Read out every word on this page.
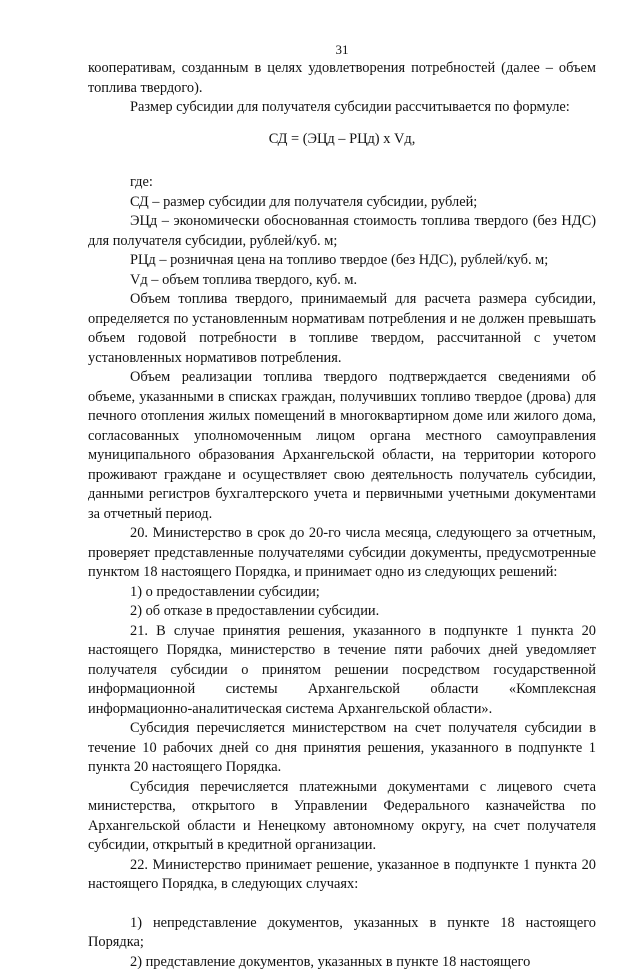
31

кооперативам, созданным в целях удовлетворения потребностей (далее – объем топлива твердого).

Размер субсидии для получателя субсидии рассчитывается по формуле:

СД = (ЭЦд – РЦд) х Vд,

где:

СД – размер субсидии для получателя субсидии, рублей;

ЭЦд – экономически обоснованная стоимость топлива твердого (без НДС) для получателя субсидии, рублей/куб. м;

РЦд – розничная цена на топливо твердое (без НДС), рублей/куб. м;

Vд – объем топлива твердого, куб. м.

Объем топлива твердого, принимаемый для расчета размера субсидии, определяется по установленным нормативам потребления и не должен превышать объем годовой потребности в топливе твердом, рассчитанной с учетом установленных нормативов потребления.

Объем реализации топлива твердого подтверждается сведениями об объеме, указанными в списках граждан, получивших топливо твердое (дрова) для печного отопления жилых помещений в многоквартирном доме или жилого дома, согласованных уполномоченным лицом органа местного самоуправления муниципального образования Архангельской области, на территории которого проживают граждане и осуществляет свою деятельность получатель субсидии, данными регистров бухгалтерского учета и первичными учетными документами за отчетный период.

20. Министерство в срок до 20-го числа месяца, следующего за отчетным, проверяет представленные получателями субсидии документы, предусмотренные пунктом 18 настоящего Порядка, и принимает одно из следующих решений:

1) о предоставлении субсидии;

2) об отказе в предоставлении субсидии.

21. В случае принятия решения, указанного в подпункте 1 пункта 20 настоящего Порядка, министерство в течение пяти рабочих дней уведомляет получателя субсидии о принятом решении посредством государственной информационной системы Архангельской области «Комплексная информационно-аналитическая система Архангельской области».

Субсидия перечисляется министерством на счет получателя субсидии в течение 10 рабочих дней со дня принятия решения, указанного в подпункте 1 пункта 20 настоящего Порядка.

Субсидия перечисляется платежными документами с лицевого счета министерства, открытого в Управлении Федерального казначейства по Архангельской области и Ненецкому автономному округу, на счет получателя субсидии, открытый в кредитной организации.

22. Министерство принимает решение, указанное в подпункте 1 пункта 20 настоящего Порядка, в следующих случаях:

1) непредставление документов, указанных в пункте 18 настоящего Порядка;

2) представление документов, указанных в пункте 18 настоящего
